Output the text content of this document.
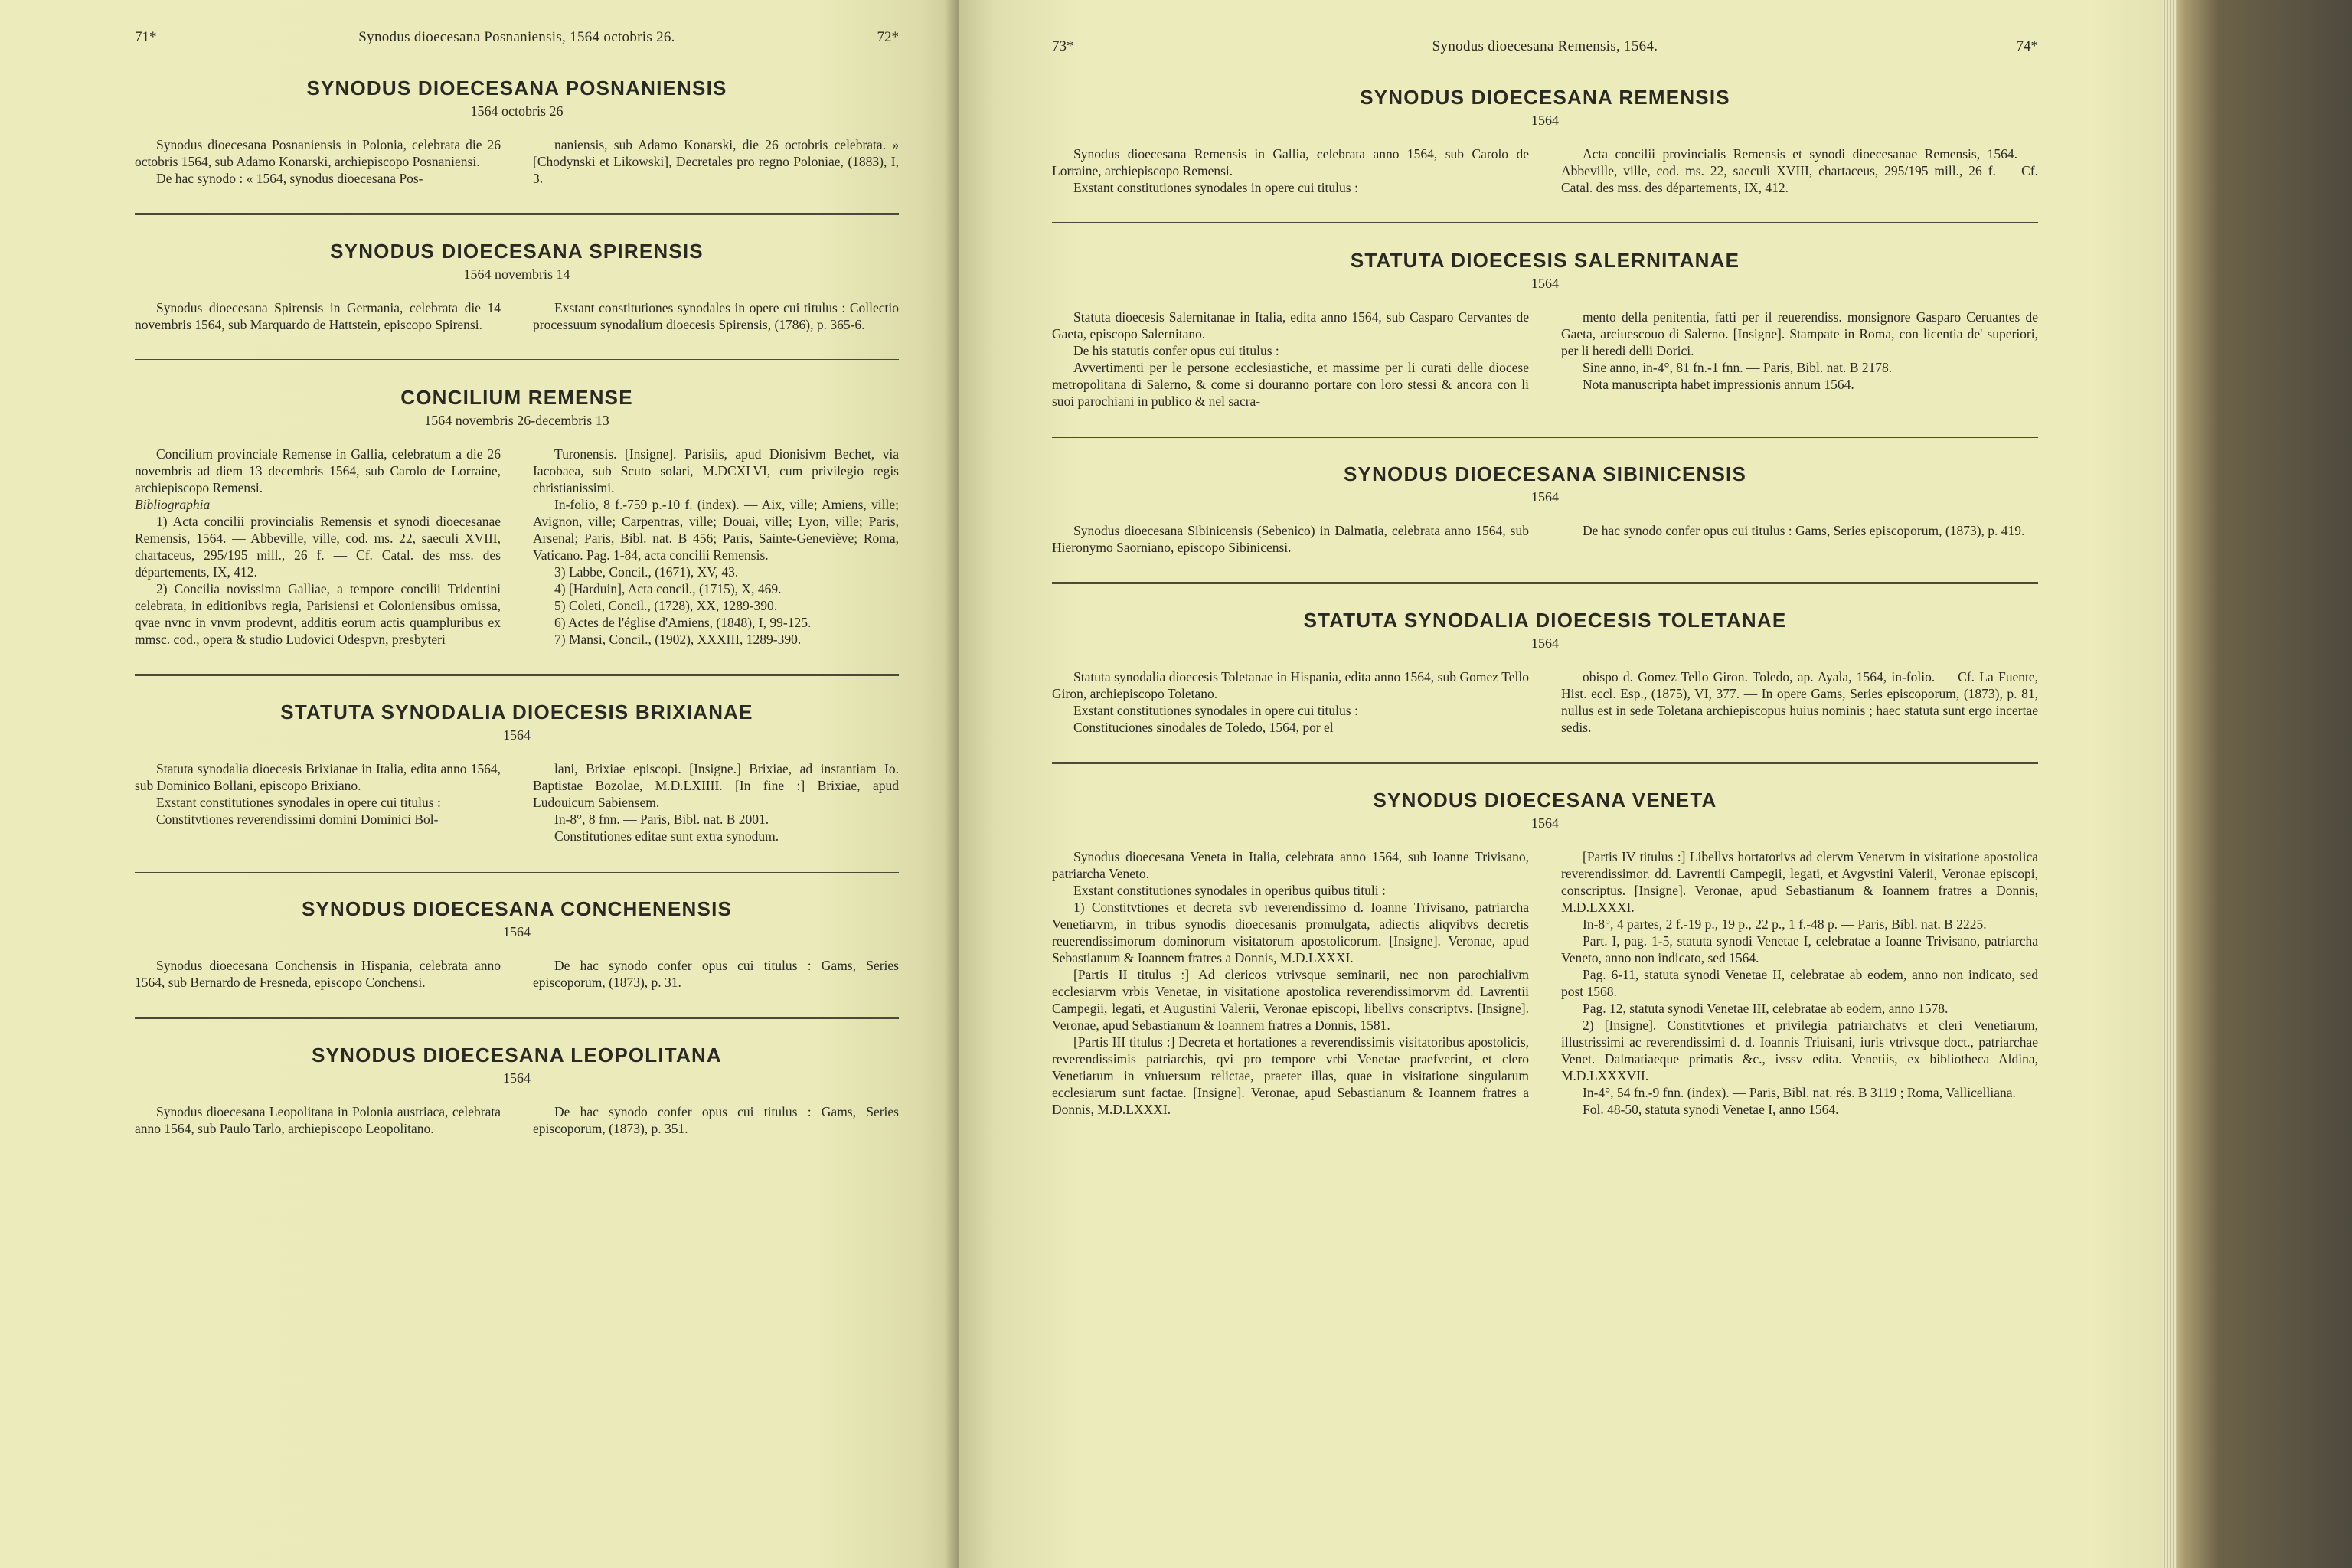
71*	Synodus dioecesana Posnaniensis, 1564 octobris 26.	72*
SYNODUS DIOECESANA POSNANIENSIS
1564 octobris 26

Synodus dioecesana Posnaniensis in Polonia, celebrata die 26 octobris 1564, sub Adamo Konarski, archiepiscopo Posnaniensi.

De hac synodo : « 1564, synodus dioecesana Pos-

naniensis, sub Adamo Konarski, die 26 octobris celebrata. » [Chodynski et Likowski], Decretales pro regno Poloniae, (1883), I, 3.

SYNODUS DIOECESANA SPIRENSIS
1564 novembris 14

Synodus dioecesana Spirensis in Germania, celebrata die 14 novembris 1564, sub Marquardo de Hattstein, episcopo Spirensi.

Exstant constitutiones synodales in opere cui titulus : Collectio processuum synodalium dioecesis Spirensis, (1786), p. 365-6.

CONCILIUM REMENSE
1564 novembris 26-decembris 13

Concilium provinciale Remense in Gallia, celebratum a die 26 novembris ad diem 13 decembris 1564, sub Carolo de Lorraine, archiepiscopo Remensi.

Bibliographia

1) Acta concilii provincialis Remensis et synodi dioecesanae Remensis, 1564. — Abbeville, ville, cod. ms. 22, saeculi XVIII, chartaceus, 295/195 mill., 26 f. — Cf. Catal. des mss. des départements, IX, 412.

2) Concilia novissima Galliae, a tempore concilii Tridentini celebrata, in editionibvs regia, Parisiensi et Coloniensibus omissa, qvae nvnc in vnvm prodevnt, additis eorum actis quampluribus ex mmsc. cod., opera & studio Ludovici Odespvn, presbyteri

Turonensis. [Insigne]. Parisiis, apud Dionisivm Bechet, via Iacobaea, sub Scuto solari, M.DCXLVI, cum privilegio regis christianissimi.

In-folio, 8 f.-759 p.-10 f. (index). — Aix, ville; Amiens, ville; Avignon, ville; Carpentras, ville; Douai, ville; Lyon, ville; Paris, Arsenal; Paris, Bibl. nat. B 456; Paris, Sainte-Geneviève; Roma, Vaticano. Pag. 1-84, acta concilii Remensis.

3) Labbe, Concil., (1671), XV, 43.

4) [Harduin], Acta concil., (1715), X, 469.

5) Coleti, Concil., (1728), XX, 1289-390.

6) Actes de l'église d'Amiens, (1848), I, 99-125.

7) Mansi, Concil., (1902), XXXIII, 1289-390.

STATUTA SYNODALIA DIOECESIS BRIXIANAE
1564

Statuta synodalia dioecesis Brixianae in Italia, edita anno 1564, sub Dominico Bollani, episcopo Brixiano.

Exstant constitutiones synodales in opere cui titulus :

Constitvtiones reverendissimi domini Dominici Bol-

lani, Brixiae episcopi. [Insigne.] Brixiae, ad instantiam Io. Baptistae Bozolae, M.D.LXIIII. [In fine :] Brixiae, apud Ludouicum Sabiensem.

In-8°, 8 fnn. — Paris, Bibl. nat. B 2001.

Constitutiones editae sunt extra synodum.

SYNODUS DIOECESANA CONCHENENSIS
1564

Synodus dioecesana Conchensis in Hispania, celebrata anno 1564, sub Bernardo de Fresneda, episcopo Conchensi.

De hac synodo confer opus cui titulus : Gams, Series episcoporum, (1873), p. 31.

SYNODUS DIOECESANA LEOPOLITANA
1564

Synodus dioecesana Leopolitana in Polonia austriaca, celebrata anno 1564, sub Paulo Tarlo, archiepiscopo Leopolitano.

De hac synodo confer opus cui titulus : Gams, Series episcoporum, (1873), p. 351.

73*	Synodus dioecesana Remensis, 1564.	74*
SYNODUS DIOECESANA REMENSIS
1564

Synodus dioecesana Remensis in Gallia, celebrata anno 1564, sub Carolo de Lorraine, archiepiscopo Remensi.

Exstant constitutiones synodales in opere cui titulus :

Acta concilii provincialis Remensis et synodi dioecesanae Remensis, 1564. — Abbeville, ville, cod. ms. 22, saeculi XVIII, chartaceus, 295/195 mill., 26 f. — Cf. Catal. des mss. des départements, IX, 412.

STATUTA DIOECESIS SALERNITANAE
1564

Statuta dioecesis Salernitanae in Italia, edita anno 1564, sub Casparo Cervantes de Gaeta, episcopo Salernitano.

De his statutis confer opus cui titulus :

Avvertimenti per le persone ecclesiastiche, et massime per li curati delle diocese metropolitana di Salerno, & come si douranno portare con loro stessi & ancora con li suoi parochiani in publico & nel sacra-

mento della penitentia, fatti per il reuerendiss. monsignore Gasparo Ceruantes de Gaeta, arciuescouo di Salerno. [Insigne]. Stampate in Roma, con licentia de' superiori, per li heredi delli Dorici.

Sine anno, in-4°, 81 fn.-1 fnn. — Paris, Bibl. nat. B 2178.

Nota manuscripta habet impressionis annum 1564.

SYNODUS DIOECESANA SIBINICENSIS
1564

Synodus dioecesana Sibinicensis (Sebenico) in Dalmatia, celebrata anno 1564, sub Hieronymo Saorniano, episcopo Sibinicensi.

De hac synodo confer opus cui titulus : Gams, Series episcoporum, (1873), p. 419.

STATUTA SYNODALIA DIOECESIS TOLETANAE
1564

Statuta synodalia dioecesis Toletanae in Hispania, edita anno 1564, sub Gomez Tello Giron, archiepiscopo Toletano.

Exstant constitutiones synodales in opere cui titulus :

Constituciones sinodales de Toledo, 1564, por el

obispo d. Gomez Tello Giron. Toledo, ap. Ayala, 1564, in-folio. — Cf. La Fuente, Hist. eccl. Esp., (1875), VI, 377. — In opere Gams, Series episcoporum, (1873), p. 81, nullus est in sede Toletana archiepiscopus huius nominis ; haec statuta sunt ergo incertae sedis.

SYNODUS DIOECESANA VENETA
1564

Synodus dioecesana Veneta in Italia, celebrata anno 1564, sub Ioanne Trivisano, patriarcha Veneto.

Exstant constitutiones synodales in operibus quibus tituli :

1) Constitvtiones et decreta svb reverendissimo d. Ioanne Trivisano, patriarcha Venetiarvm, in tribus synodis dioecesanis promulgata, adiectis aliqvibvs decretis reuerendissimorum dominorum visitatorum apostolicorum. [Insigne]. Veronae, apud Sebastianum & Ioannem fratres a Donnis, M.D.LXXXI.

[Partis II titulus :] Ad clericos vtrivsque seminarii, nec non parochialivm ecclesiarvm vrbis Venetae, in visitatione apostolica reverendissimorvm dd. Lavrentii Campegii, legati, et Augustini Valerii, Veronae episcopi, libellvs conscriptvs. [Insigne]. Veronae, apud Sebastianum & Ioannem fratres a Donnis, 1581.

[Partis III titulus :] Decreta et hortationes a reverendissimis visitatoribus apostolicis, reverendissimis patriarchis, qvi pro tempore vrbi Venetae praefverint, et clero Venetiarum in vniuersum relictae, praeter illas, quae in visitatione singularum ecclesiarum sunt factae. [Insigne]. Veronae, apud Sebastianum & Ioannem fratres a Donnis, M.D.LXXXI.

[Partis IV titulus :] Libellvs hortatorivs ad clervm Venetvm in visitatione apostolica reverendissimor. dd. Lavrentii Campegii, legati, et Avgvstini Valerii, Veronae episcopi, conscriptus. [Insigne]. Veronae, apud Sebastianum & Ioannem fratres a Donnis, M.D.LXXXI.

In-8°, 4 partes, 2 f.-19 p., 19 p., 22 p., 1 f.-48 p. — Paris, Bibl. nat. B 2225.

Part. I, pag. 1-5, statuta synodi Venetae I, celebratae a Ioanne Trivisano, patriarcha Veneto, anno non indicato, sed 1564.

Pag. 6-11, statuta synodi Venetae II, celebratae ab eodem, anno non indicato, sed post 1568.

Pag. 12, statuta synodi Venetae III, celebratae ab eodem, anno 1578.

2) [Insigne]. Constitvtiones et privilegia patriarchatvs et cleri Venetiarum, illustrissimi ac reverendissimi d. d. Ioannis Triuisani, iuris vtrivsque doct., patriarchae Venet. Dalmatiaeque primatis &c., ivssv edita. Venetiis, ex bibliotheca Aldina, M.D.LXXXVII.

In-4°, 54 fn.-9 fnn. (index). — Paris, Bibl. nat. rés. B 3119 ; Roma, Vallicelliana.

Fol. 48-50, statuta synodi Venetae I, anno 1564.
